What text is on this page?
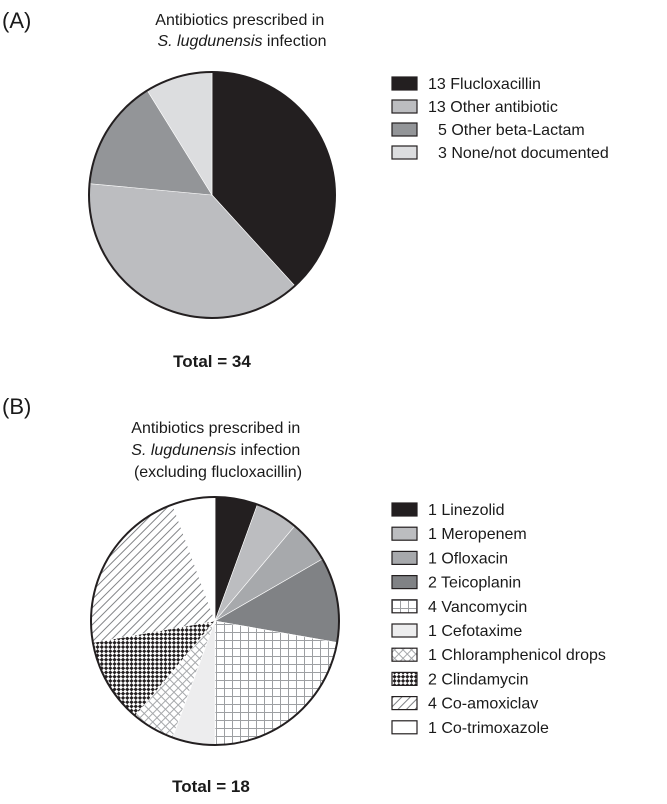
(A)	Antibiotics prescribed in S. lugdunensis infection
13 Flucloxacillin
13 Other antibiotic
5 Other beta-Lactam
3 None/not documented
Total = 34
(B)
Antibiotics prescribed in S. lugdunensis infection (excluding flucloxacillin)
1 Linezolid
1 Meropenem
1 Ofloxacin
2 Teicoplanin
4 Vancomycin
1 Cefotaxime
1 Chloramphenicol drops
2 Clindamycin
4 Co-amoxiclav
1 Co-trimoxazole
Total = 18
